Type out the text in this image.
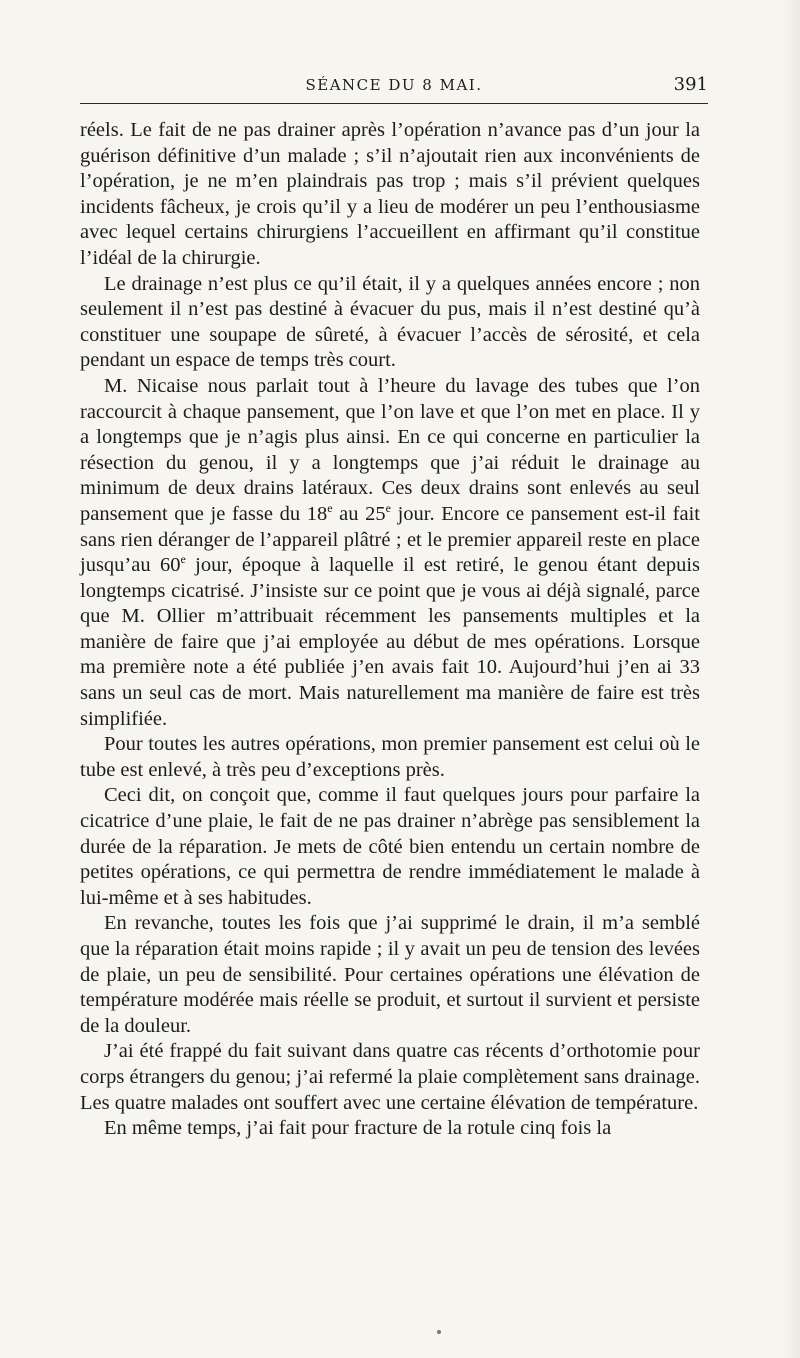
SÉANCE DU 8 MAI.	391

réels. Le fait de ne pas drainer après l’opération n’avance pas d’un jour la guérison définitive d’un malade ; s’il n’ajoutait rien aux inconvénients de l’opération, je ne m’en plaindrais pas trop ; mais s’il prévient quelques incidents fâcheux, je crois qu’il y a lieu de modérer un peu l’enthousiasme avec lequel certains chirurgiens l’accueillent en affirmant qu’il constitue l’idéal de la chirurgie.

Le drainage n’est plus ce qu’il était, il y a quelques années encore ; non seulement il n’est pas destiné à évacuer du pus, mais il n’est destiné qu’à constituer une soupape de sûreté, à évacuer l’accès de sérosité, et cela pendant un espace de temps très court.

M. Nicaise nous parlait tout à l’heure du lavage des tubes que l’on raccourcit à chaque pansement, que l’on lave et que l’on met en place. Il y a longtemps que je n’agis plus ainsi. En ce qui concerne en particulier la résection du genou, il y a longtemps que j’ai réduit le drainage au minimum de deux drains latéraux. Ces deux drains sont enlevés au seul pansement que je fasse du 18e au 25e jour. Encore ce pansement est-il fait sans rien déranger de l’appareil plâtré ; et le premier appareil reste en place jusqu’au 60e jour, époque à laquelle il est retiré, le genou étant depuis longtemps cicatrisé. J’insiste sur ce point que je vous ai déjà signalé, parce que M. Ollier m’attribuait récemment les pansements multiples et la manière de faire que j’ai employée au début de mes opérations. Lorsque ma première note a été publiée j’en avais fait 10. Aujourd’hui j’en ai 33 sans un seul cas de mort. Mais naturellement ma manière de faire est très simplifiée.

Pour toutes les autres opérations, mon premier pansement est celui où le tube est enlevé, à très peu d’exceptions près.

Ceci dit, on conçoit que, comme il faut quelques jours pour parfaire la cicatrice d’une plaie, le fait de ne pas drainer n’abrège pas sensiblement la durée de la réparation. Je mets de côté bien entendu un certain nombre de petites opérations, ce qui permettra de rendre immédiatement le malade à lui-même et à ses habitudes.

En revanche, toutes les fois que j’ai supprimé le drain, il m’a semblé que la réparation était moins rapide ; il y avait un peu de tension des levées de plaie, un peu de sensibilité. Pour certaines opérations une élévation de température modérée mais réelle se produit, et surtout il survient et persiste de la douleur.

J’ai été frappé du fait suivant dans quatre cas récents d’orthotomie pour corps étrangers du genou; j’ai refermé la plaie complètement sans drainage. Les quatre malades ont souffert avec une certaine élévation de température.

En même temps, j’ai fait pour fracture de la rotule cinq fois la
